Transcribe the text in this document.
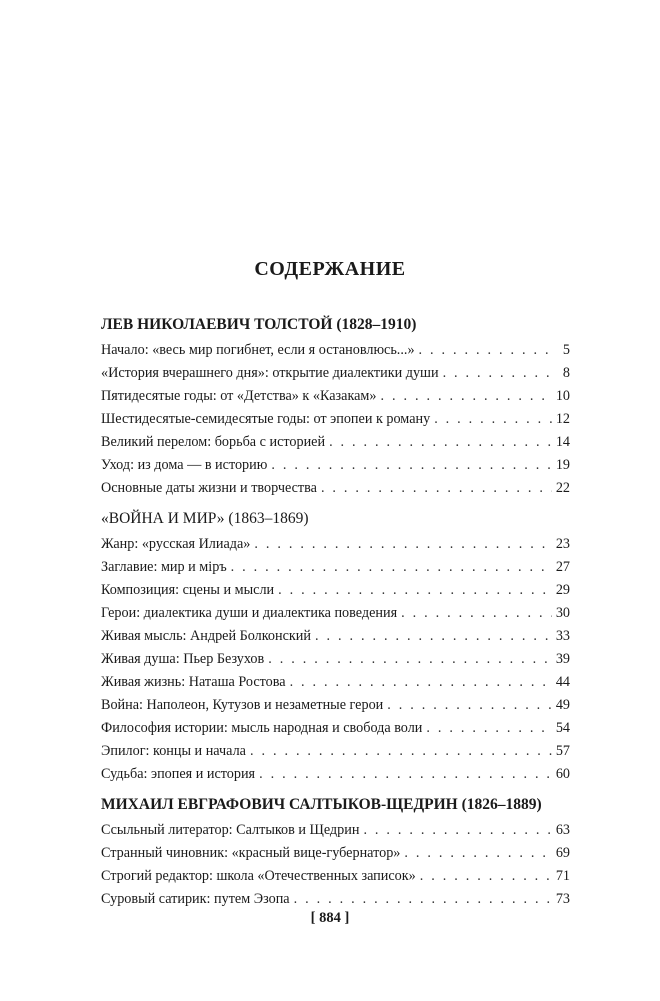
СОДЕРЖАНИЕ
ЛЕВ НИКОЛАЕВИЧ ТОЛСТОЙ (1828–1910)
Начало: «весь мир погибнет, если я остановлюсь...» . . .	5
«История вчерашнего дня»: открытие диалектики души . . .	8
Пятидесятые годы: от «Детства» к «Казакам» . . .	10
Шестидесятые-семидесятые годы: от эпопеи к роману . . .	12
Великий перелом: борьба с историей . . .	14
Уход: из дома — в историю . . .	19
Основные даты жизни и творчества . . .	22
«ВОЙНА И МИР» (1863–1869)
Жанр: «русская Илиада» . . .	23
Заглавие: мир и міръ . . .	27
Композиция: сцены и мысли . . .	29
Герои: диалектика души и диалектика поведения . . .	30
Живая мысль: Андрей Болконский . . .	33
Живая душа: Пьер Безухов . . .	39
Живая жизнь: Наташа Ростова . . .	44
Война: Наполеон, Кутузов и незаметные герои . . .	49
Философия истории: мысль народная и свобода воли . . .	54
Эпилог: концы и начала . . .	57
Судьба: эпопея и история . . .	60
МИХАИЛ ЕВГРАФОВИЧ САЛТЫКОВ-ЩЕДРИН (1826–1889)
Ссыльный литератор: Салтыков и Щедрин . . .	63
Странный чиновник: «красный вице-губернатор» . . .	69
Строгий редактор: школа «Отечественных записок» . . .	71
Суровый сатирик: путем Эзопа . . .	73
[ 884 ]
